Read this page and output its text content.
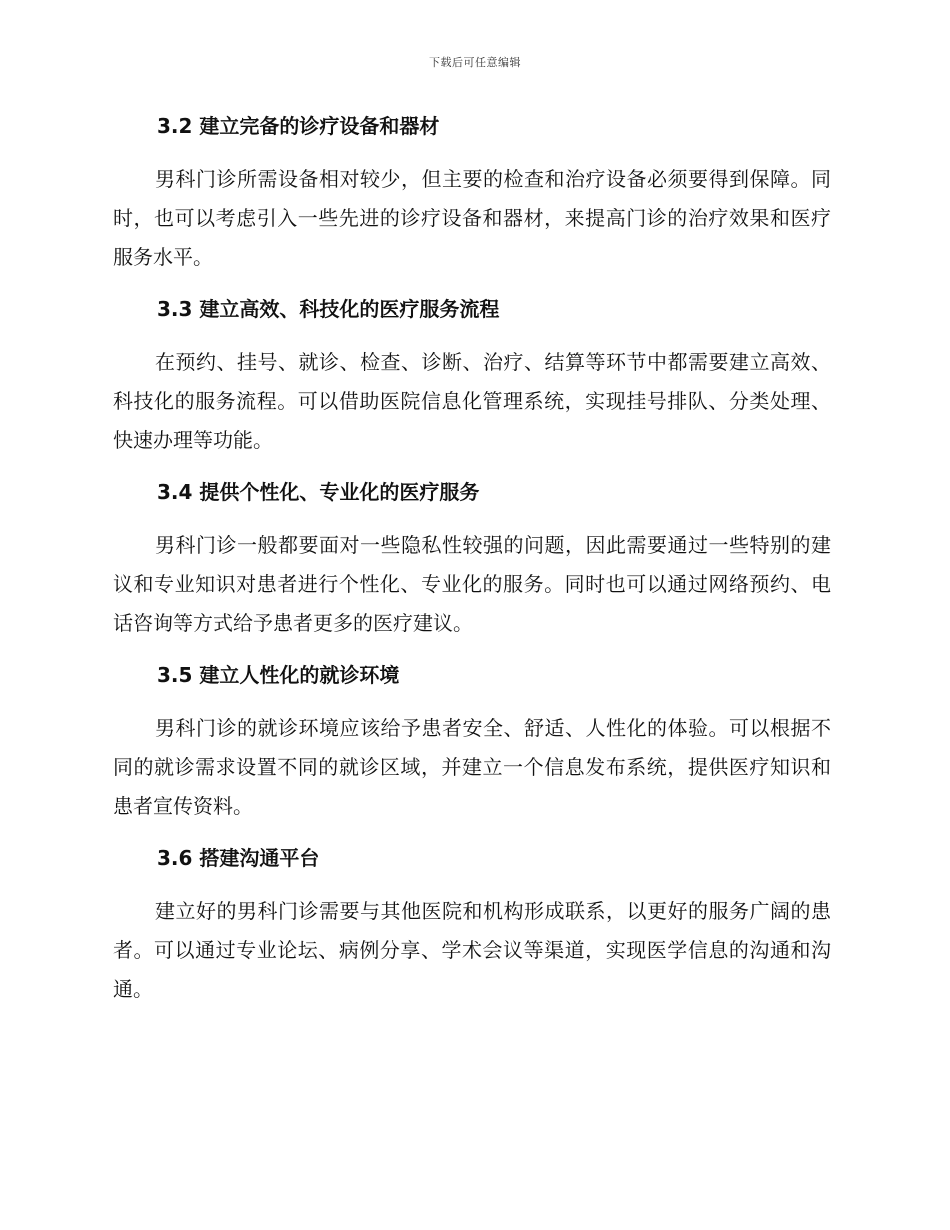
下载后可任意编辑
3.2 建立完备的诊疗设备和器材

男科门诊所需设备相对较少，但主要的检查和治疗设备必须要得到保障。同时，也可以考虑引入一些先进的诊疗设备和器材，来提高门诊的治疗效果和医疗服务水平。

3.3 建立高效、科技化的医疗服务流程

在预约、挂号、就诊、检查、诊断、治疗、结算等环节中都需要建立高效、科技化的服务流程。可以借助医院信息化管理系统，实现挂号排队、分类处理、快速办理等功能。

3.4 提供个性化、专业化的医疗服务

男科门诊一般都要面对一些隐私性较强的问题，因此需要通过一些特别的建议和专业知识对患者进行个性化、专业化的服务。同时也可以通过网络预约、电话咨询等方式给予患者更多的医疗建议。

3.5 建立人性化的就诊环境

男科门诊的就诊环境应该给予患者安全、舒适、人性化的体验。可以根据不同的就诊需求设置不同的就诊区域，并建立一个信息发布系统，提供医疗知识和患者宣传资料。

3.6 搭建沟通平台

建立好的男科门诊需要与其他医院和机构形成联系，以更好的服务广阔的患者。可以通过专业论坛、病例分享、学术会议等渠道，实现医学信息的沟通和沟通。
